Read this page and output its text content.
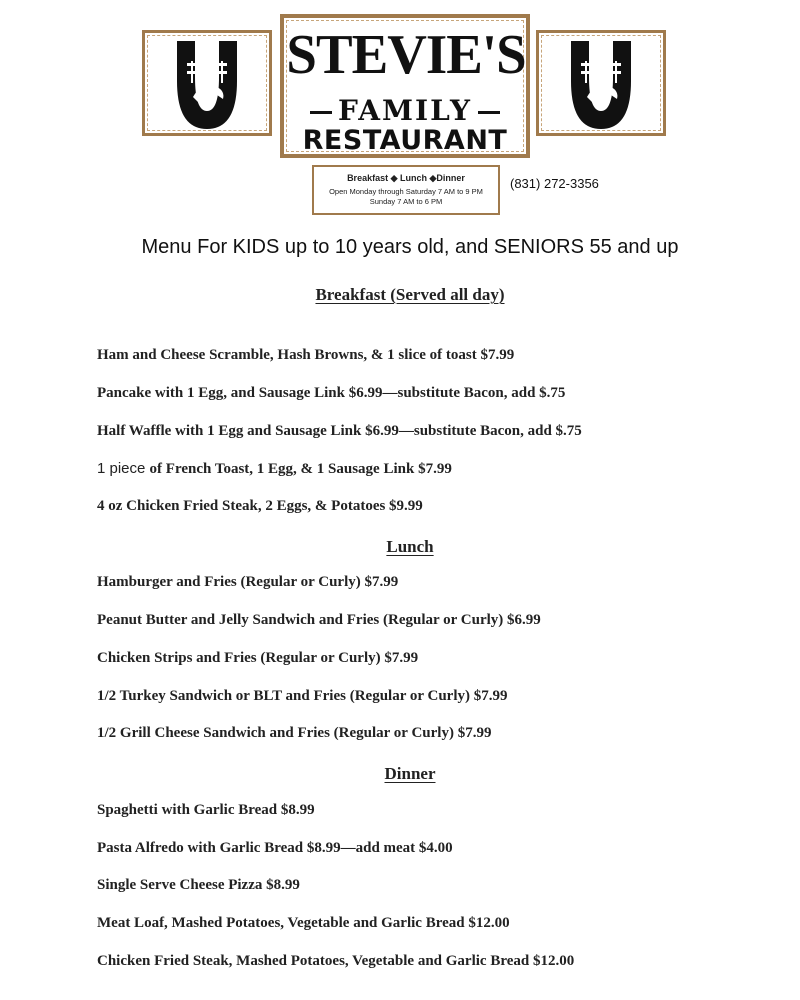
STEVIE'S
FAMILY
RESTAURANT
Breakfast ◆ Lunch ◆Dinner
Open Monday through Saturday 7 AM to 9 PM
Sunday 7 AM to 6 PM
(831) 272-3356
Menu For KIDS up to 10 years old, and SENIORS 55 and up
Breakfast (Served all day)
Ham and Cheese Scramble, Hash Browns, & 1 slice of toast $7.99
Pancake with 1 Egg, and Sausage Link $6.99—substitute Bacon, add $.75
Half Waffle with 1 Egg and Sausage Link $6.99—substitute Bacon, add $.75
1 piece of French Toast, 1 Egg, & 1 Sausage Link $7.99
4 oz Chicken Fried Steak, 2 Eggs, & Potatoes $9.99
Lunch
Hamburger and Fries (Regular or Curly) $7.99
Peanut Butter and Jelly Sandwich and Fries (Regular or Curly) $6.99
Chicken Strips and Fries (Regular or Curly) $7.99
1/2 Turkey Sandwich or BLT and Fries (Regular or Curly) $7.99
1/2 Grill Cheese Sandwich and Fries (Regular or Curly) $7.99
Dinner
Spaghetti with Garlic Bread $8.99
Pasta Alfredo with Garlic Bread $8.99—add meat $4.00
Single Serve Cheese Pizza $8.99
Meat Loaf, Mashed Potatoes, Vegetable and Garlic Bread $12.00
Chicken Fried Steak, Mashed Potatoes, Vegetable and Garlic Bread $12.00
